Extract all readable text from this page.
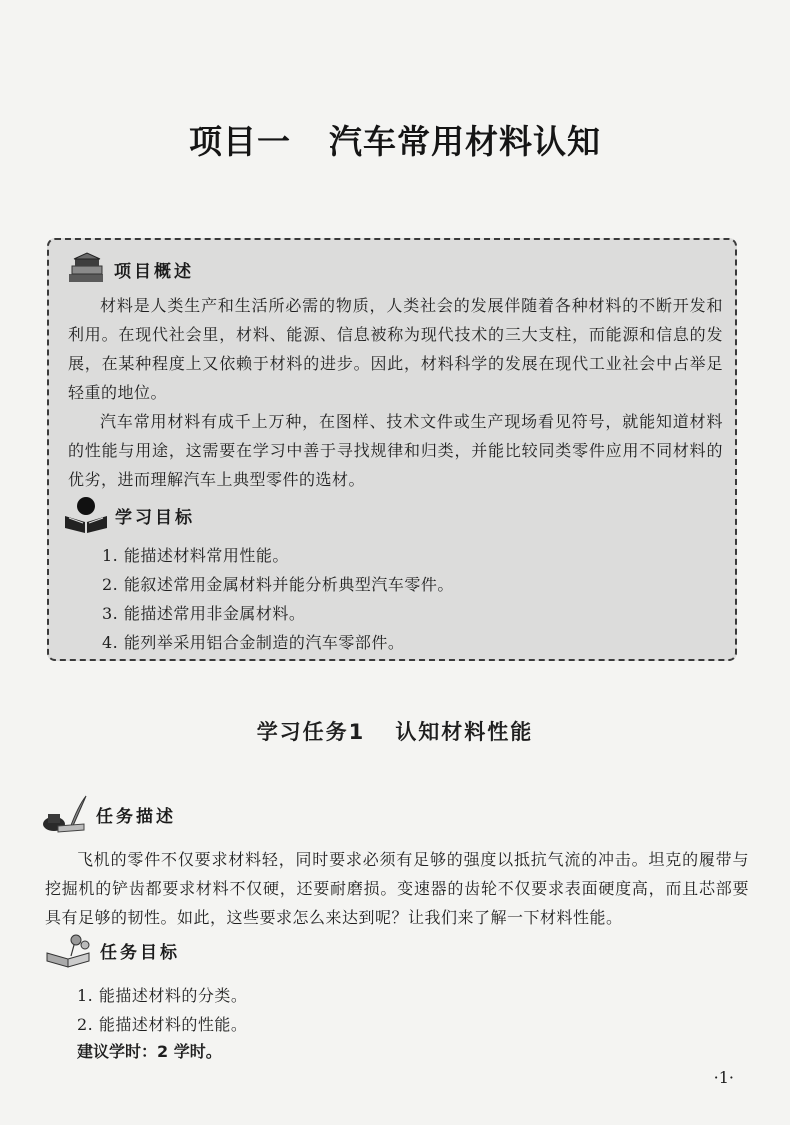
项目一 汽车常用材料认知
项目概述

材料是人类生产和生活所必需的物质，人类社会的发展伴随着各种材料的不断开发和利用。在现代社会里，材料、能源、信息被称为现代技术的三大支柱，而能源和信息的发展，在某种程度上又依赖于材料的进步。因此，材料科学的发展在现代工业社会中占举足轻重的地位。

汽车常用材料有成千上万种，在图样、技术文件或生产现场看见符号，就能知道材料的性能与用途，这需要在学习中善于寻找规律和归类，并能比较同类零件应用不同材料的优劣，进而理解汽车上典型零件的选材。

学习目标
1. 能描述材料常用性能。
2. 能叙述常用金属材料并能分析典型汽车零件。
3. 能描述常用非金属材料。
4. 能列举采用铝合金制造的汽车零部件。
学习任务1 认知材料性能
任务描述

飞机的零件不仅要求材料轻，同时要求必须有足够的强度以抵抗气流的冲击。坦克的履带与挖掘机的铲齿都要求材料不仅硬，还要耐磨损。变速器的齿轮不仅要求表面硬度高，而且芯部要具有足够的韧性。如此，这些要求怎么来达到呢？让我们来了解一下材料性能。

任务目标
1. 能描述材料的分类。
2. 能描述材料的性能。
建议学时：2 学时。
·1·
